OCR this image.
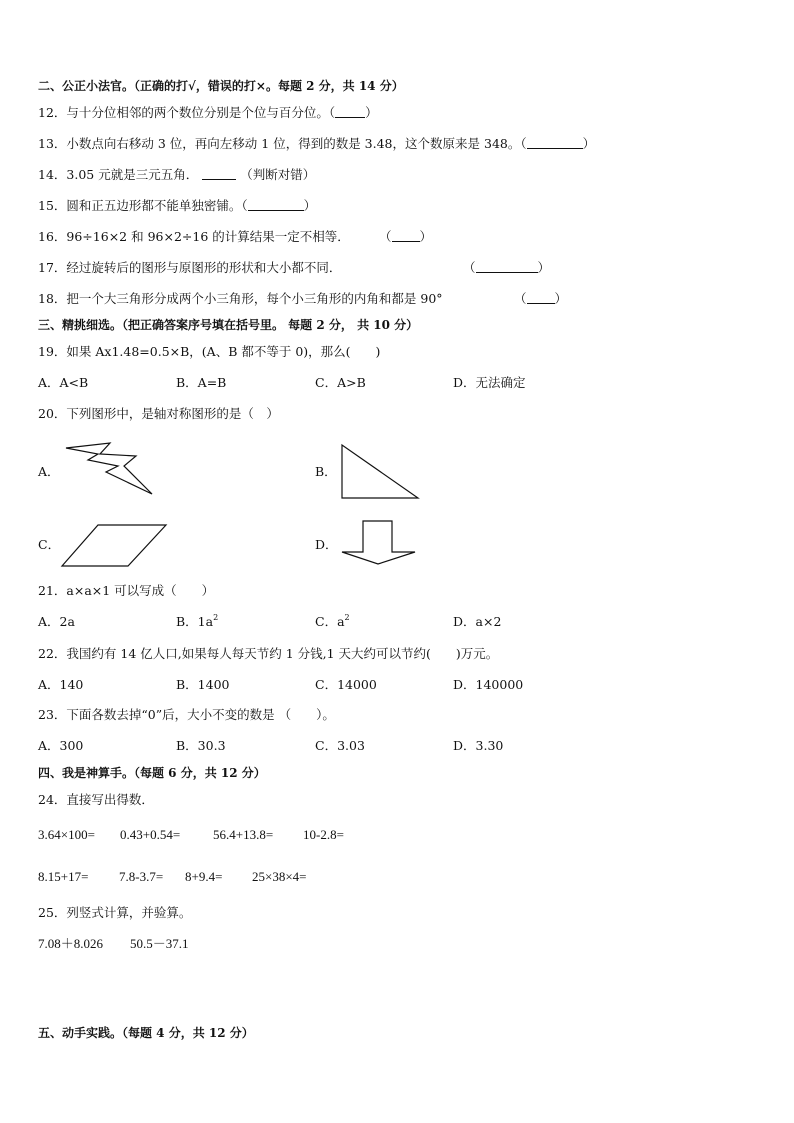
二、公正小法官。（正确的打√，错误的打×。每题 2 分，共 14 分）
12．与十分位相邻的两个数位分别是个位与百分位。（ ）
13．小数点向右移动 3 位，再向左移动 1 位，得到的数是 3.48，这个数原来是 348。（	）
14．3.05 元就是三元五角．	（判断对错）
15．圆和正五边形都不能单独密铺。（	）
16．96÷16×2 和 96×2÷16 的计算结果一定不相等． （ ）
17．经过旋转后的图形与原图形的形状和大小都不同．	（	）
18．把一个大三角形分成两个小三角形，每个小三角形的内角和都是 90°	（ ）
三、精挑细选。（把正确答案序号填在括号里。 每题 2 分， 共 10 分）
19．如果 Ax1.48=0.5×B，(A、B 都不等于 0)，那么(　　)
A．A<B	B．A=B	C．A>B	D．无法确定
20．下列图形中，是轴对称图形的是（　）
A．	B．
C．	D．
21．a×a×1 可以写成（　　）
A．2a	B．$1a^2$	C．$a^2$	D．a×2
22．我国约有 14 亿人口,如果每人每天节约 1 分钱,1 天大约可以节约(　　)万元。
A．140	B．1400	C．14000	D．140000
23．下面各数去掉“0”后，大小不变的数是 （　　）。
A．300	B．30.3	C．3.03	D．3.30
四、我是神算手。（每题 6 分，共 12 分）
24．直接写出得数．
3.64×100= 0.43+0.54=	56.4+13.8= 10-2.8=
8.15+17= 7.8-3.7= 8+9.4= 25×38×4=
25．列竖式计算，并验算。
7.08＋8.026 50.5－37.1
五、动手实践。（每题 4 分，共 12 分）
